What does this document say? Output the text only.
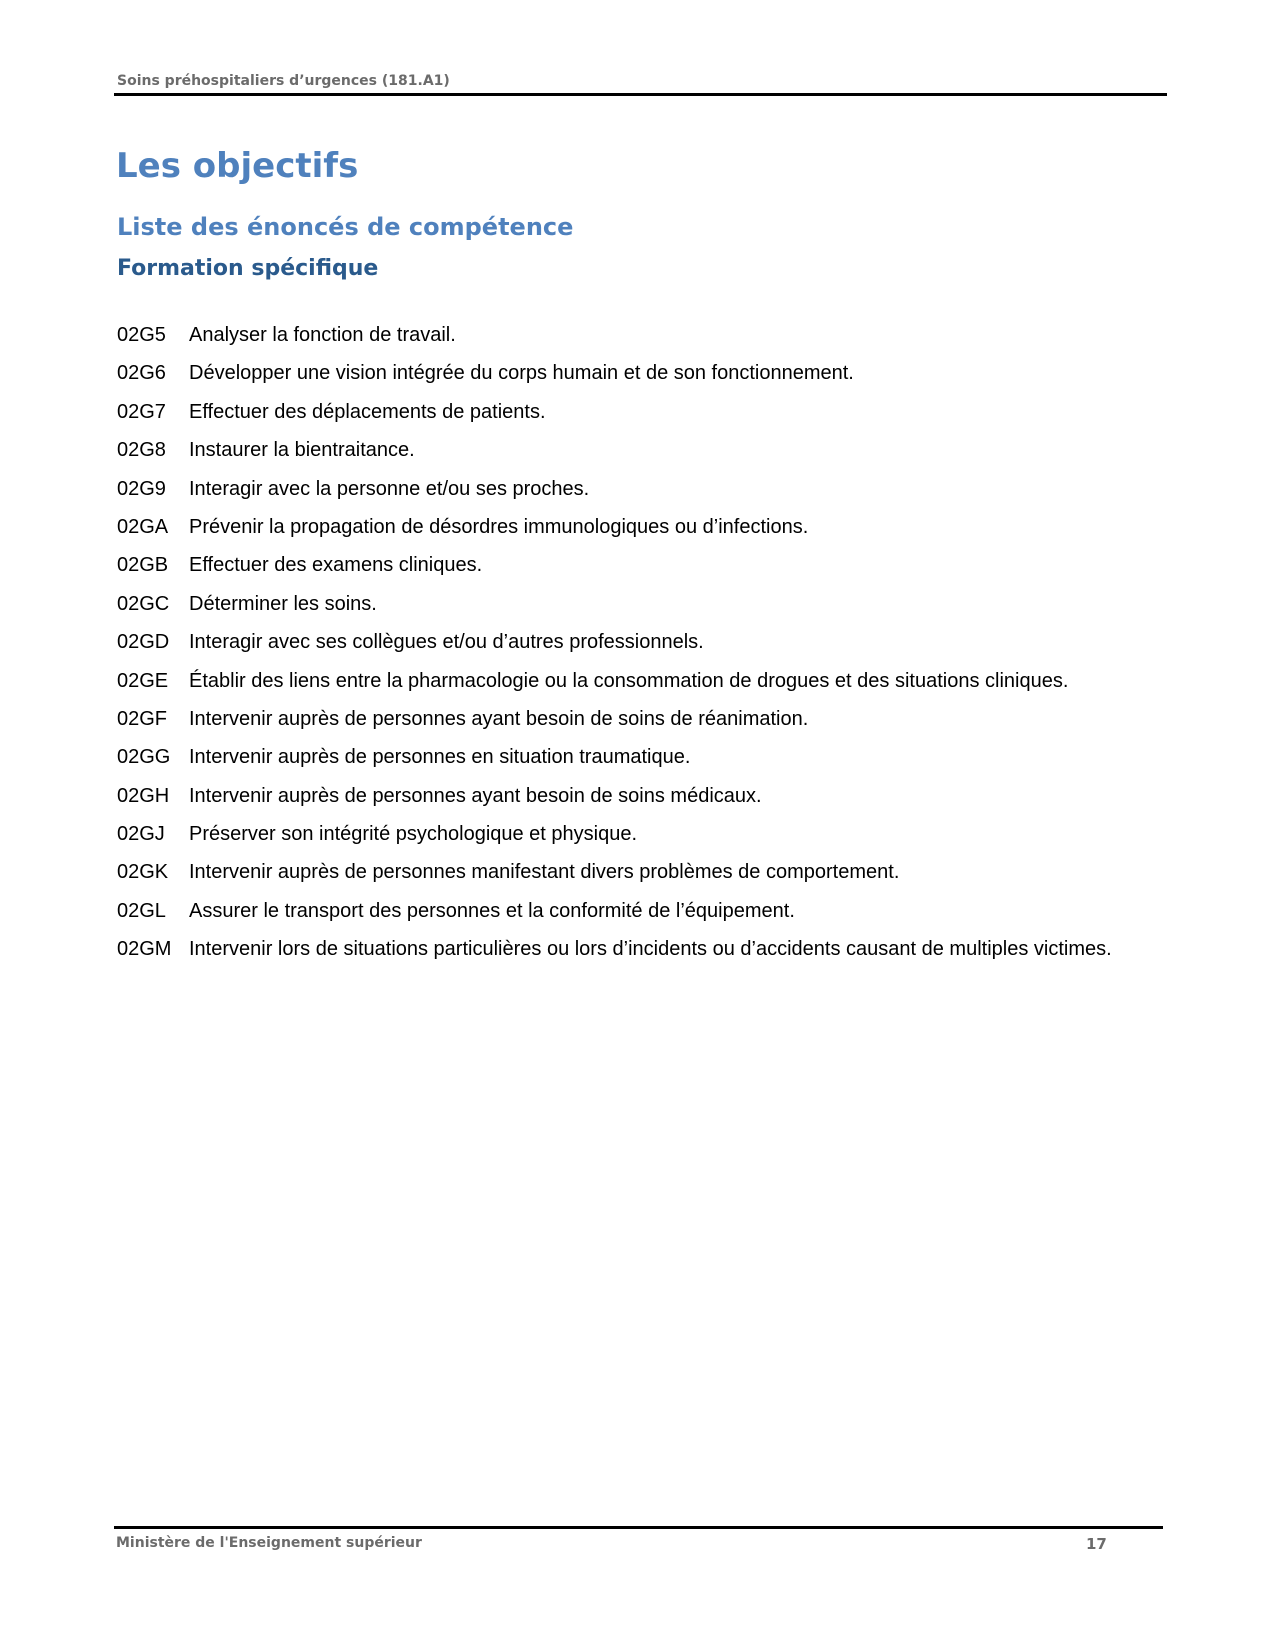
Soins préhospitaliers d’urgences (181.A1)
Les objectifs
Liste des énoncés de compétence
Formation spécifique
02G5	Analyser la fonction de travail.
02G6	Développer une vision intégrée du corps humain et de son fonctionnement.
02G7	Effectuer des déplacements de patients.
02G8	Instaurer la bientraitance.
02G9	Interagir avec la personne et/ou ses proches.
02GA	Prévenir la propagation de désordres immunologiques ou d’infections.
02GB	Effectuer des examens cliniques.
02GC Déterminer les soins.
02GD Interagir avec ses collègues et/ou d’autres professionnels.
02GE	Établir des liens entre la pharmacologie ou la consommation de drogues et des situations cliniques.
02GF	Intervenir auprès de personnes ayant besoin de soins de réanimation.
02GG Intervenir auprès de personnes en situation traumatique.
02GH Intervenir auprès de personnes ayant besoin de soins médicaux.
02GJ	Préserver son intégrité psychologique et physique.
02GK	Intervenir auprès de personnes manifestant divers problèmes de comportement.
02GL	Assurer le transport des personnes et la conformité de l’équipement.
02GM Intervenir lors de situations particulières ou lors d’incidents ou d’accidents causant de multiples victimes.
Ministère de l'Enseignement supérieur	17
